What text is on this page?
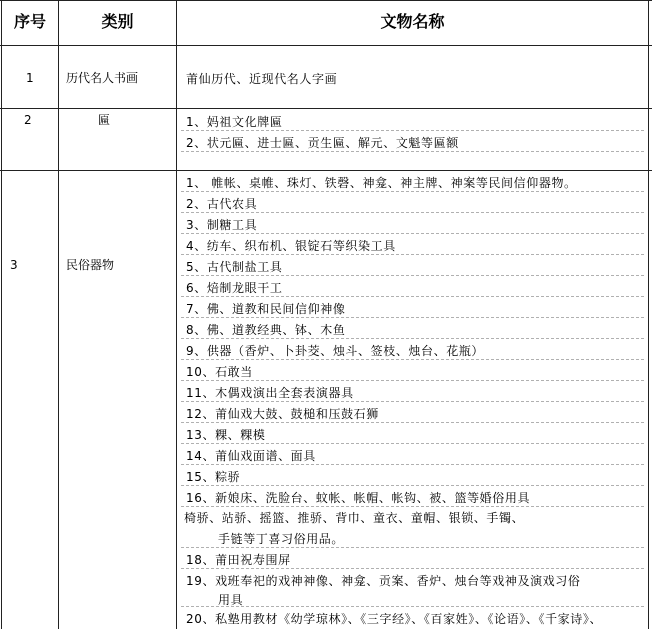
序号	类别	文物名称
1	历代名人书画	莆仙历代、近现代名人字画
2	匾	1、妈祖文化牌匾
2、状元匾、进士匾、贡生匾、解元、文魁等匾额
3	民俗器物
1、 帷帐、桌帷、珠灯、铁磬、神龛、神主牌、神案等民间信仰器物。
2、古代农具
3、制糖工具
4、纺车、织布机、银锭石等织染工具
5、古代制盐工具
6、焙制龙眼干工
7、佛、道教和民间信仰神像
8、佛、道教经典、钵、木鱼
9、供器（香炉、卜卦茭、烛斗、签枝、烛台、花瓶）
10、石敢当
11、木偶戏演出全套表演器具
12、莆仙戏大鼓、鼓槌和压鼓石狮
13、粿、粿模
14、莆仙戏面谱、面具
15、粽骄
16、新娘床、洗脸台、蚊帐、帐帽、帐钩、被、篮等婚俗用具
椅骄、站骄、摇篮、推骄、背巾、童衣、童帽、银锁、手镯、
手链等丁喜习俗用品。
18、莆田祝寿围屏
19、戏班奉祀的戏神神像、神龛、贡案、香炉、烛台等戏神及演戏习俗
用具
20、私塾用教材《幼学琼林》、《三字经》、《百家姓》、《论语》、《千家诗》、
